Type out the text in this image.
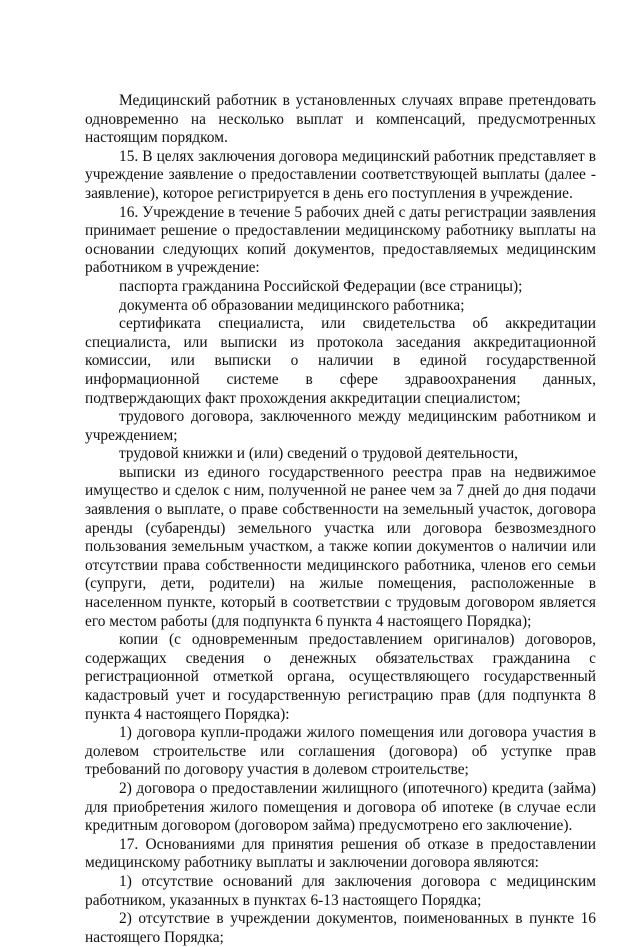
Медицинский работник в установленных случаях вправе претендовать одновременно на несколько выплат и компенсаций, предусмотренных настоящим порядком.

15. В целях заключения договора медицинский работник представляет в учреждение заявление о предоставлении соответствующей выплаты (далее - заявление), которое регистрируется в день его поступления в учреждение.

16. Учреждение в течение 5 рабочих дней с даты регистрации заявления принимает решение о предоставлении медицинскому работнику выплаты на основании следующих копий документов, предоставляемых медицинским работником в учреждение:

паспорта гражданина Российской Федерации (все страницы);

документа об образовании медицинского работника;

сертификата специалиста, или свидетельства об аккредитации специалиста, или выписки из протокола заседания аккредитационной комиссии, или выписки о наличии в единой государственной информационной системе в сфере здравоохранения данных, подтверждающих факт прохождения аккредитации специалистом;

трудового договора, заключенного между медицинским работником и учреждением;

трудовой книжки и (или) сведений о трудовой деятельности,

выписки из единого государственного реестра прав на недвижимое имущество и сделок с ним, полученной не ранее чем за 7 дней до дня подачи заявления о выплате, о праве собственности на земельный участок, договора аренды (субаренды) земельного участка или договора безвозмездного пользования земельным участком, а также копии документов о наличии или отсутствии права собственности медицинского работника, членов его семьи (супруги, дети, родители) на жилые помещения, расположенные в населенном пункте, который в соответствии с трудовым договором является его местом работы (для подпункта 6 пункта 4 настоящего Порядка);

копии (с одновременным предоставлением оригиналов) договоров, содержащих сведения о денежных обязательствах гражданина с регистрационной отметкой органа, осуществляющего государственный кадастровый учет и государственную регистрацию прав (для подпункта 8 пункта 4 настоящего Порядка):

1) договора купли-продажи жилого помещения или договора участия в долевом строительстве или соглашения (договора) об уступке прав требований по договору участия в долевом строительстве;

2) договора о предоставлении жилищного (ипотечного) кредита (займа) для приобретения жилого помещения и договора об ипотеке (в случае если кредитным договором (договором займа) предусмотрено его заключение).

17. Основаниями для принятия решения об отказе в предоставлении медицинскому работнику выплаты и заключении договора являются:

1) отсутствие оснований для заключения договора с медицинским работником, указанных в пунктах 6-13 настоящего Порядка;

2) отсутствие в учреждении документов, поименованных в пункте 16 настоящего Порядка;
